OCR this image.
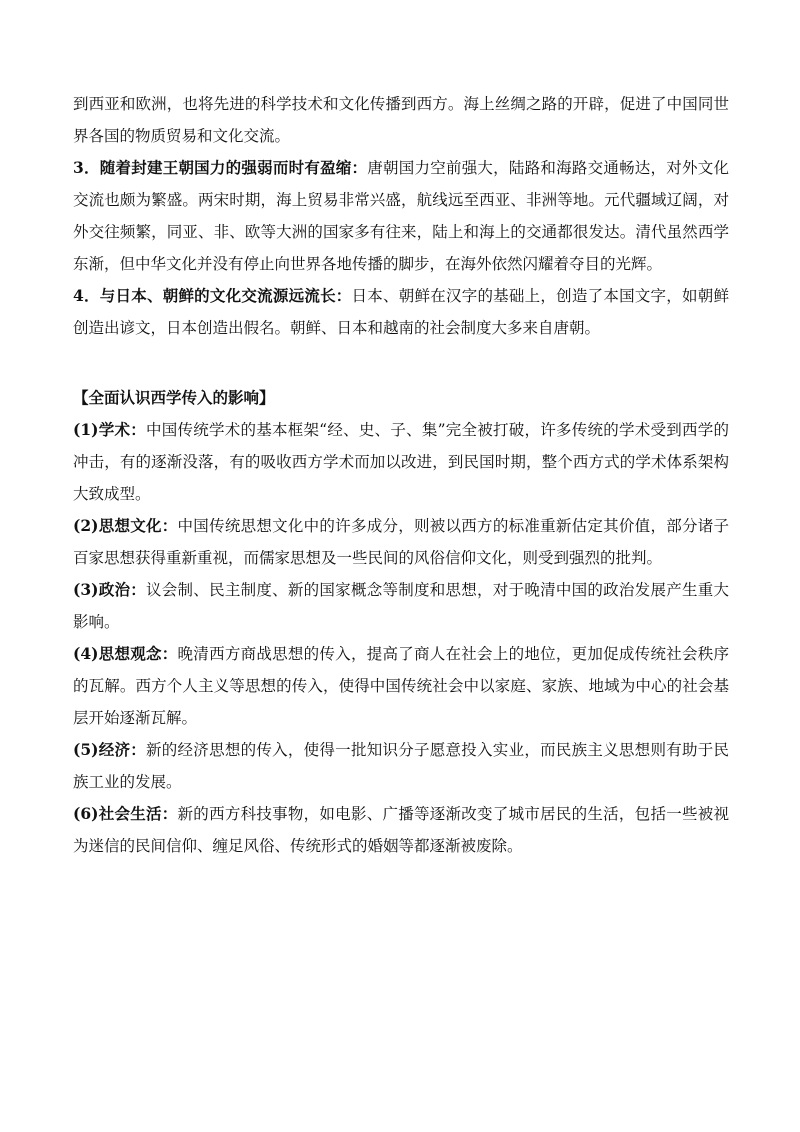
到西亚和欧洲，也将先进的科学技术和文化传播到西方。海上丝绸之路的开辟，促进了中国同世界各国的物质贸易和文化交流。

3．随着封建王朝国力的强弱而时有盈缩：唐朝国力空前强大，陆路和海路交通畅达，对外文化交流也颇为繁盛。两宋时期，海上贸易非常兴盛，航线远至西亚、非洲等地。元代疆域辽阔，对外交往频繁，同亚、非、欧等大洲的国家多有往来，陆上和海上的交通都很发达。清代虽然西学东渐，但中华文化并没有停止向世界各地传播的脚步，在海外依然闪耀着夺目的光辉。

4．与日本、朝鲜的文化交流源远流长：日本、朝鲜在汉字的基础上，创造了本国文字，如朝鲜创造出谚文，日本创造出假名。朝鲜、日本和越南的社会制度大多来自唐朝。

【全面认识西学传入的影响】

(1)学术：中国传统学术的基本框架“经、史、子、集”完全被打破，许多传统的学术受到西学的冲击，有的逐渐没落，有的吸收西方学术而加以改进，到民国时期，整个西方式的学术体系架构大致成型。

(2)思想文化：中国传统思想文化中的许多成分，则被以西方的标准重新估定其价值，部分诸子百家思想获得重新重视，而儒家思想及一些民间的风俗信仰文化，则受到强烈的批判。

(3)政治：议会制、民主制度、新的国家概念等制度和思想，对于晚清中国的政治发展产生重大影响。

(4)思想观念：晚清西方商战思想的传入，提高了商人在社会上的地位，更加促成传统社会秩序的瓦解。西方个人主义等思想的传入，使得中国传统社会中以家庭、家族、地域为中心的社会基层开始逐渐瓦解。

(5)经济：新的经济思想的传入，使得一批知识分子愿意投入实业，而民族主义思想则有助于民族工业的发展。

(6)社会生活：新的西方科技事物，如电影、广播等逐渐改变了城市居民的生活，包括一些被视为迷信的民间信仰、缠足风俗、传统形式的婚姻等都逐渐被废除。
